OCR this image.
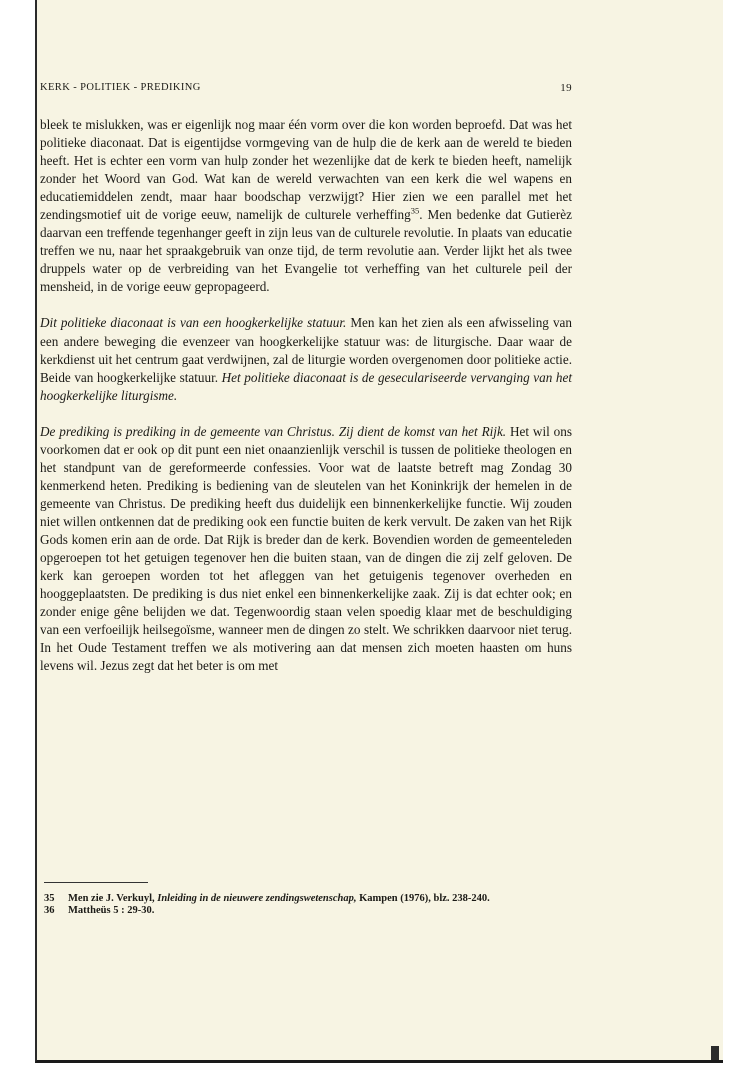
KERK - POLITIEK - PREDIKING	19

bleek te mislukken, was er eigenlijk nog maar één vorm over die kon worden beproefd. Dat was het politieke diaconaat. Dat is eigentijdse vormgeving van de hulp die de kerk aan de wereld te bieden heeft. Het is echter een vorm van hulp zonder het wezenlijke dat de kerk te bieden heeft, namelijk zonder het Woord van God. Wat kan de wereld verwachten van een kerk die wel wapens en educatiemiddelen zendt, maar haar boodschap verzwijgt? Hier zien we een parallel met het zendingsmotief uit de vorige eeuw, namelijk de culturele verheffing$^{35}$. Men bedenke dat Gutierèz daarvan een treffende tegenhanger geeft in zijn leus van de culturele revolutie. In plaats van educatie treffen we nu, naar het spraakgebruik van onze tijd, de term revolutie aan. Verder lijkt het als twee druppels water op de verbreiding van het Evangelie tot verheffing van het culturele peil der mensheid, in de vorige eeuw gepropageerd.

Dit politieke diaconaat is van een hoogkerkelijke statuur. Men kan het zien als een afwisseling van een andere beweging die evenzeer van hoogkerkelijke statuur was: de liturgische. Daar waar de kerkdienst uit het centrum gaat verdwijnen, zal de liturgie worden overgenomen door politieke actie. Beide van hoogkerkelijke statuur. Het politieke diaconaat is de geseculariseerde vervanging van het hoogkerkelijke liturgisme.

De prediking is prediking in de gemeente van Christus. Zij dient de komst van het Rijk. Het wil ons voorkomen dat er ook op dit punt een niet onaanzienlijk verschil is tussen de politieke theologen en het standpunt van de gereformeerde confessies. Voor wat de laatste betreft mag Zondag 30 kenmerkend heten. Prediking is bediening van de sleutelen van het Koninkrijk der hemelen in de gemeente van Christus. De prediking heeft dus duidelijk een binnenkerkelijke functie. Wij zouden niet willen ontkennen dat de prediking ook een functie buiten de kerk vervult. De zaken van het Rijk Gods komen erin aan de orde. Dat Rijk is breder dan de kerk. Bovendien worden de gemeenteleden opgeroepen tot het getuigen tegenover hen die buiten staan, van de dingen die zij zelf geloven. De kerk kan geroepen worden tot het afleggen van het getuigenis tegenover overheden en hooggeplaatsten. De prediking is dus niet enkel een binnenkerkelijke zaak. Zij is dat echter ook; en zonder enige gêne belijden we dat. Tegenwoordig staan velen spoedig klaar met de beschuldiging van een verfoeilijk heilsegoïsme, wanneer men de dingen zo stelt. We schrikken daarvoor niet terug. In het Oude Testament treffen we als motivering aan dat mensen zich moeten haasten om huns levens wil. Jezus zegt dat het beter is om met

35	Men zie J. Verkuyl, Inleiding in de nieuwere zendingswetenschap, Kampen (1976), blz. 238-240.
36	Mattheüs 5 : 29-30.
